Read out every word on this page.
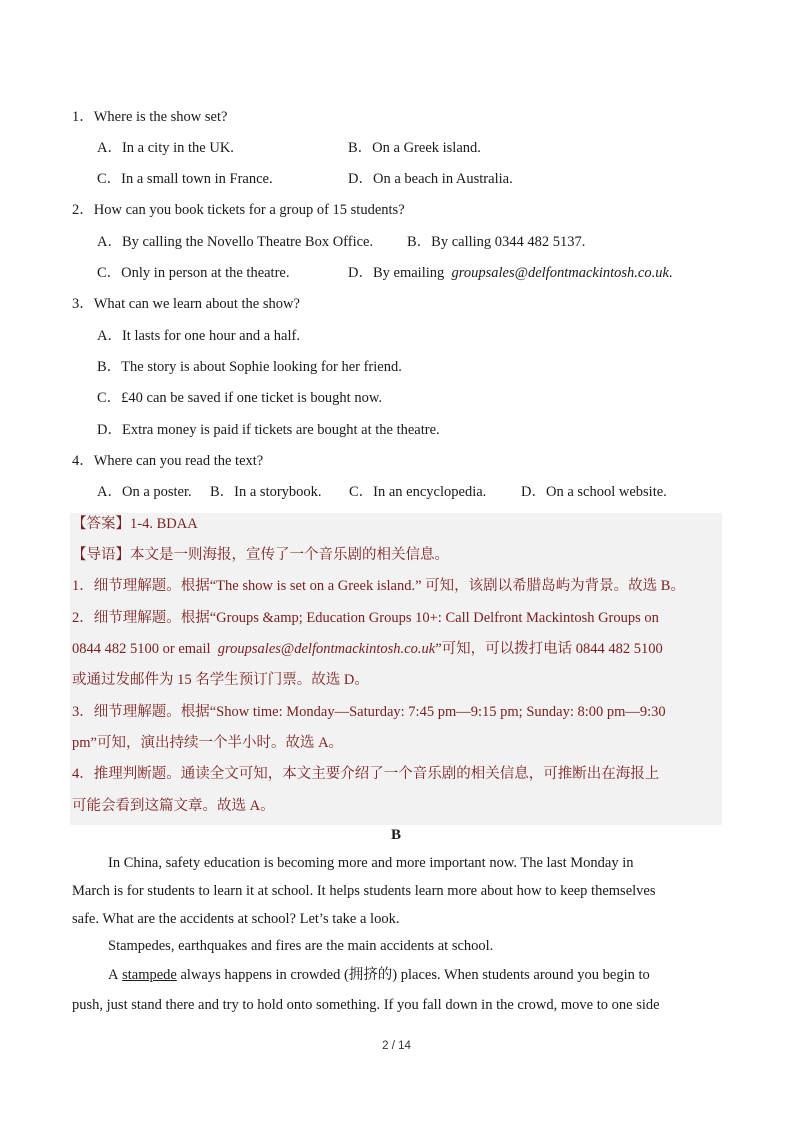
1．Where is the show set?
A．In a city in the UK.	B．On a Greek island.
C．In a small town in France.	D．On a beach in Australia.
2．How can you book tickets for a group of 15 students?
A．By calling the Novello Theatre Box Office. B．By calling 0344 482 5137.
C．Only in person at the theatre.	D．By emailing groupsales@delfontmackintosh.co.uk.
3．What can we learn about the show?
A．It lasts for one hour and a half.
B．The story is about Sophie looking for her friend.
C．£40 can be saved if one ticket is bought now.
D．Extra money is paid if tickets are bought at the theatre.
4．Where can you read the text?
A．On a poster. B．In a storybook. C．In an encyclopedia. D．On a school website.
【答案】1-4. BDAA
【导语】本文是一则海报，宣传了一个音乐剧的相关信息。
1．细节理解题。根据“The show is set on a Greek island.” 可知，该剧以希腊岛屿为背景。故选 B。
2．细节理解题。根据“Groups &amp; Education Groups 10+: Call Delfront Mackintosh Groups on
0844 482 5100 or email groupsales@delfontmackintosh.co.uk”可知，可以拨打电话 0844 482 5100
或通过发邮件为 15 名学生预订门票。故选 D。
3．细节理解题。根据“Show time: Monday—Saturday: 7:45 pm—9:15 pm; Sunday: 8:00 pm—9:30
pm”可知，演出持续一个半小时。故选 A。
4．推理判断题。通读全文可知，本文主要介绍了一个音乐剧的相关信息，可推断出在海报上
可能会看到这篇文章。故选 A。
B
In China, safety education is becoming more and more important now. The last Monday in
March is for students to learn it at school. It helps students learn more about how to keep themselves
safe. What are the accidents at school? Let’s take a look.
Stampedes, earthquakes and fires are the main accidents at school.
A stampede always happens in crowded (拥挤的) places. When students around you begin to
push, just stand there and try to hold onto something. If you fall down in the crowd, move to one side
2 / 14
